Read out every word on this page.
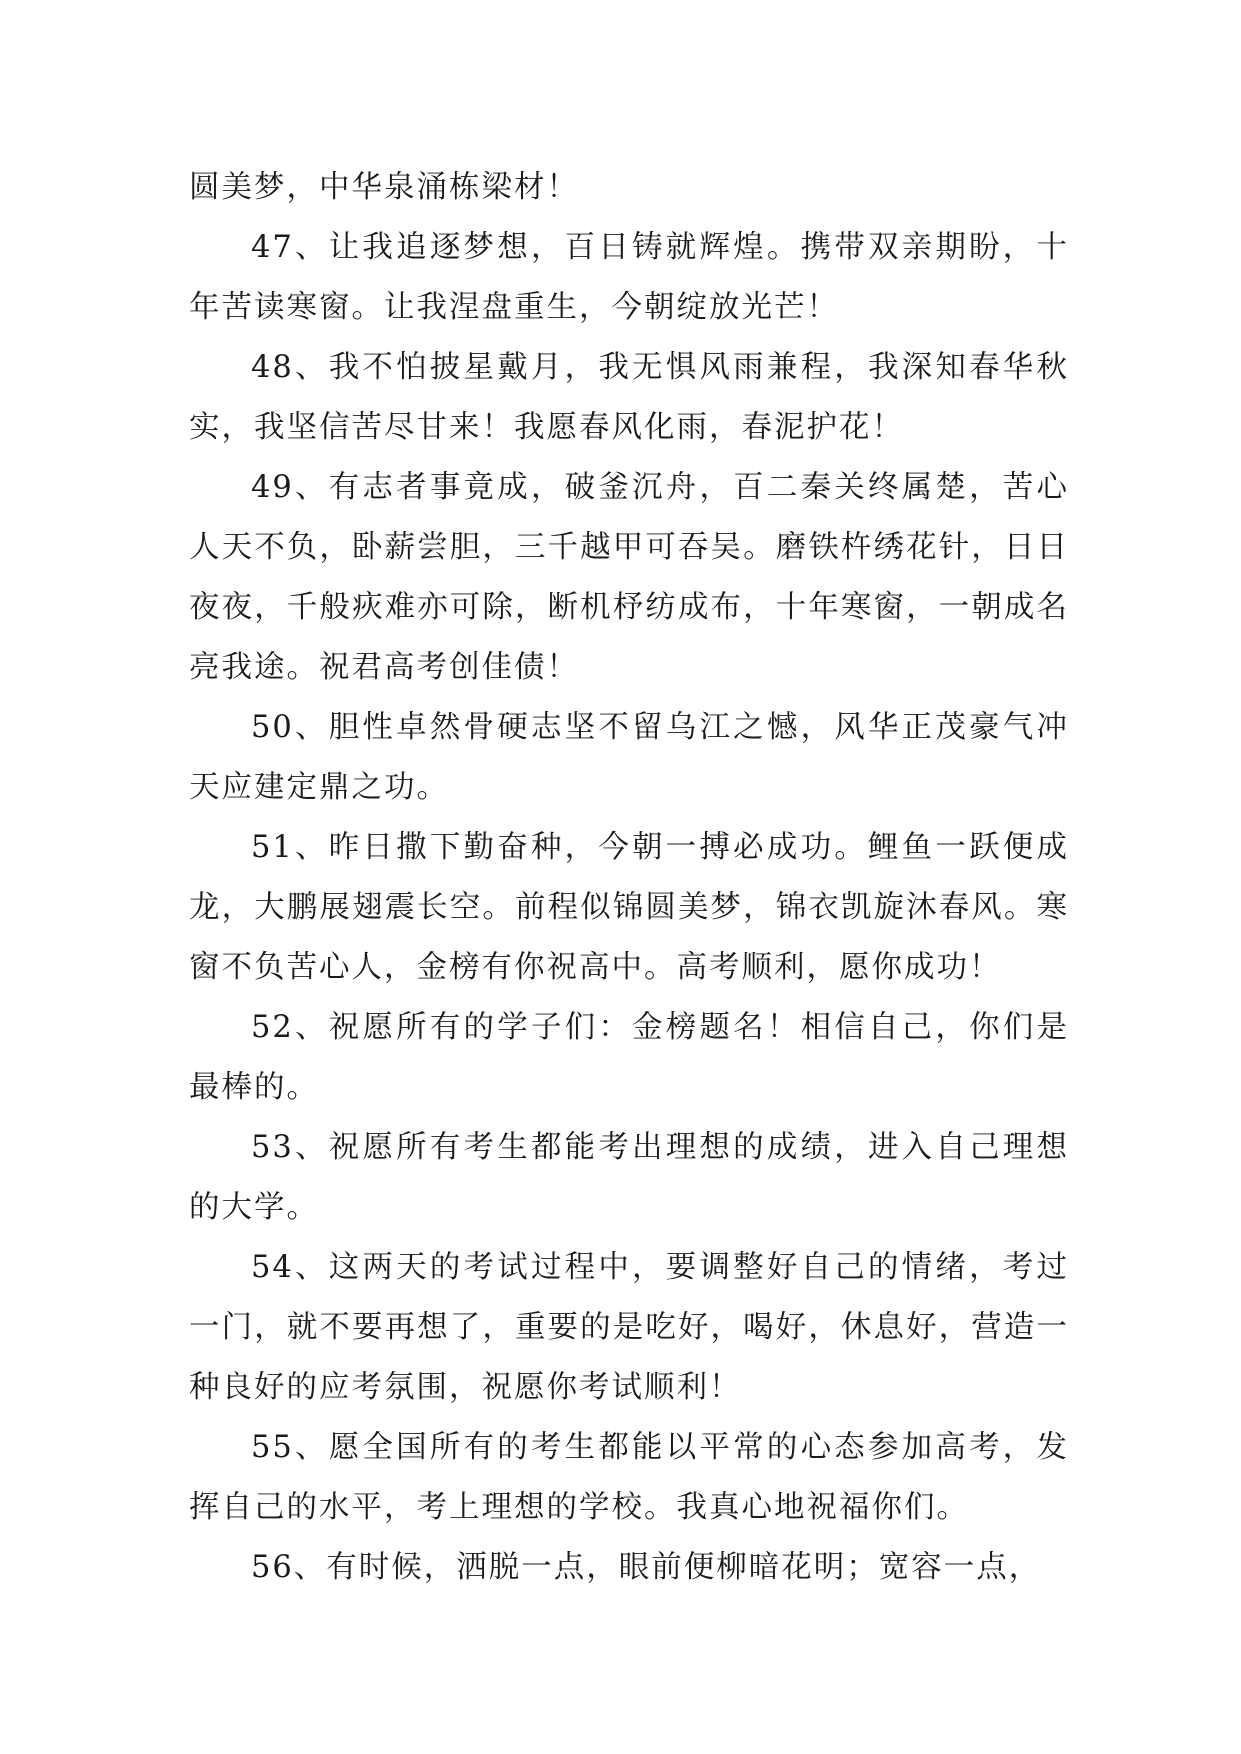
圆美梦，中华泉涌栋梁材！

47、让我追逐梦想，百日铸就辉煌。携带双亲期盼，十年苦读寒窗。让我涅盘重生，今朝绽放光芒！

48、我不怕披星戴月，我无惧风雨兼程，我深知春华秋实，我坚信苦尽甘来！我愿春风化雨，春泥护花！

49、有志者事竟成，破釜沉舟，百二秦关终属楚，苦心人天不负，卧薪尝胆，三千越甲可吞吴。磨铁杵绣花针，日日夜夜，千般疢难亦可除，断机杼纺成布，十年寒窗，一朝成名亮我途。祝君高考创佳债！

50、胆性卓然骨硬志坚不留乌江之憾，风华正茂豪气冲天应建定鼎之功。

51、昨日撒下勤奋种，今朝一搏必成功。鲤鱼一跃便成龙，大鹏展翅震长空。前程似锦圆美梦，锦衣凯旋沐春风。寒窗不负苦心人，金榜有你祝高中。高考顺利，愿你成功！

52、祝愿所有的学子们：金榜题名！相信自己，你们是最棒的。

53、祝愿所有考生都能考出理想的成绩，进入自己理想的大学。

54、这两天的考试过程中，要调整好自己的情绪，考过一门，就不要再想了，重要的是吃好，喝好，休息好，营造一种良好的应考氛围，祝愿你考试顺利！

55、愿全国所有的考生都能以平常的心态参加高考，发挥自己的水平，考上理想的学校。我真心地祝福你们。

56、有时候，洒脱一点，眼前便柳暗花明；宽容一点，
